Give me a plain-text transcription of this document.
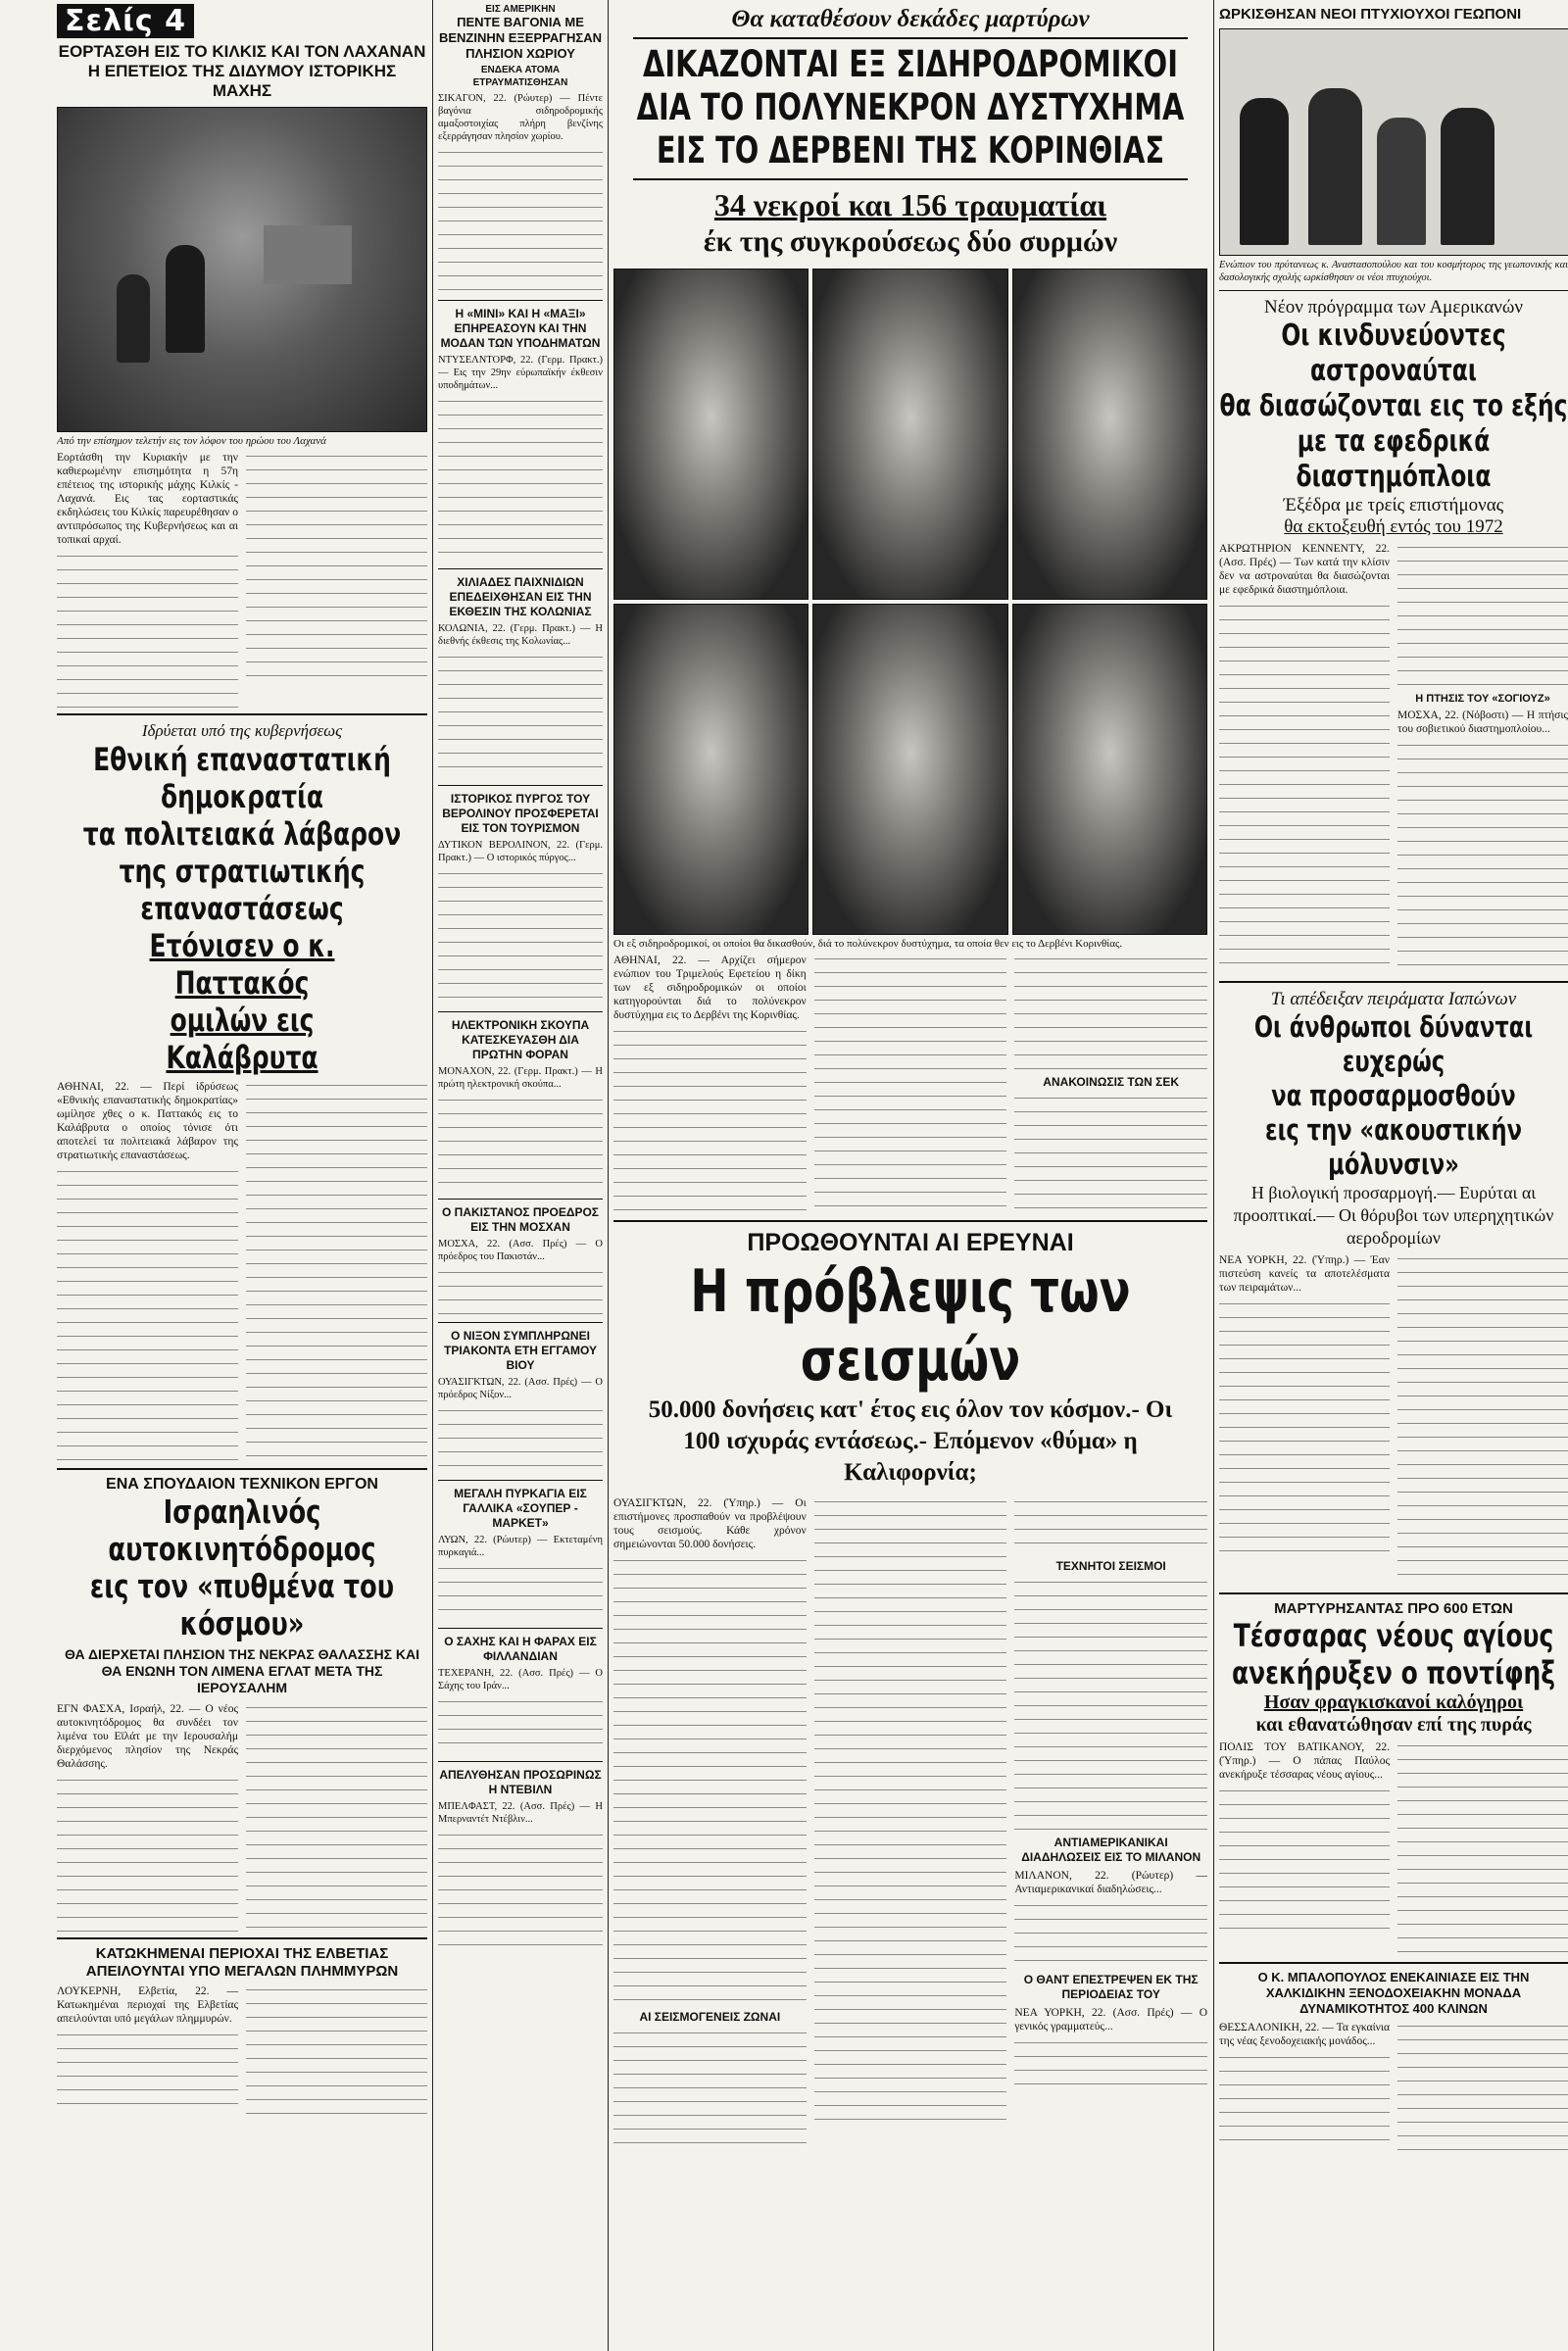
Σελίς 4

ΕΟΡΤΑΣΘΗ ΕΙΣ ΤΟ ΚΙΛΚΙΣ ΚΑΙ ΤΟΝ ΛΑΧΑΝΑΝ Η ΕΠΕΤΕΙΟΣ ΤΗΣ ΔΙΔΥΜΟΥ ΙΣΤΟΡΙΚΗΣ ΜΑΧΗΣ

Από την επίσημον τελετήν εις τον λόφον του ηρώου του Λαχανά

Εορτάσθη την Κυριακήν με την καθιερωμένην επισημότητα η 57η επέτειος της ιστορικής μάχης Κιλκίς - Λαχανά. Εις τας εορταστικάς εκδηλώσεις του Κιλκίς παρευρέθησαν ο αντιπρόσωπος της Κυβερνήσεως και αι τοπικαί αρχαί.

Ιδρύεται υπό της κυβερνήσεως

Εθνική επαναστατική δημοκρατία

τα πολιτειακά λάβαρον

της στρατιωτικής επαναστάσεως

Ετόνισεν ο κ. Παττακός

ομιλών εις Καλάβρυτα

ΑΘΗΝΑΙ, 22. — Περί ίδρύσεως «Εθνικής επαναστατικής δημοκρατίας» ωμίλησε χθες ο κ. Παττακός εις το Καλάβρυτα ο οποίος τόνισε ότι αποτελεί τα πολιτειακά λάβαρον της στρατιωτικής επαναστάσεως.

ΕΝΑ ΣΠΟΥΔΑΙΟΝ ΤΕΧΝΙΚΟΝ ΕΡΓΟΝ

Ισραηλινός αυτοκινητόδρομος

εις τον «πυθμένα του κόσμου»

ΘΑ ΔΙΕΡΧΕΤΑΙ ΠΛΗΣΙΟΝ ΤΗΣ ΝΕΚΡΑΣ ΘΑΛΑΣΣΗΣ ΚΑΙ ΘΑ ΕΝΩΝΗ ΤΟΝ ΛΙΜΕΝΑ ΕΓΛΑΤ ΜΕΤΑ ΤΗΣ ΙΕΡΟΥΣΑΛΗΜ

ΕΓΝ ΦΑΣΧΑ, Ισραήλ, 22. — Ο νέος αυτοκινητόδρομος θα συνδέει τον λιμένα του Εϊλάτ με την Ιερουσαλήμ διερχόμενος πλησίον της Νεκράς Θαλάσσης.

ΚΑΤΩΚΗΜΕΝΑΙ ΠΕΡΙΟΧΑΙ ΤΗΣ ΕΛΒΕΤΙΑΣ ΑΠΕΙΛΟΥΝΤΑΙ ΥΠΟ ΜΕΓΑΛΩΝ ΠΛΗΜΜΥΡΩΝ

ΛΟΥΚΕΡΝΗ, Ελβετία, 22. — Κατωκημέναι περιοχαί της Ελβετίας απειλούνται υπό μεγάλων πλημμυρών.

ΕΙΣ ΑΜΕΡΙΚΗΝ

ΠΕΝΤΕ ΒΑΓΟΝΙΑ ΜΕ ΒΕΝΖΙΝΗΝ ΕΞΕΡΡΑΓΗΣΑΝ ΠΛΗΣΙΟΝ ΧΩΡΙΟΥ

ΕΝΔΕΚΑ ΑΤΟΜΑ ΕΤΡΑΥΜΑΤΙΣΘΗΣΑΝ

ΣΙΚΑΓΟΝ, 22. (Ρώυτερ) — Πέντε βαγόνια σιδηροδρομικής αμαξοστοιχίας πλήρη βενζίνης εξερράγησαν πλησίον χωρίου.

Η «ΜΙΝΙ» ΚΑΙ Η «ΜΑΞΙ» ΕΠΗΡΕΑΣΟΥΝ ΚΑΙ ΤΗΝ ΜΟΔΑΝ ΤΩΝ ΥΠΟΔΗΜΑΤΩΝ

ΝΤΥΣΕΛΝΤΟΡΦ, 22. (Γερμ. Πρακτ.) — Εις την 29ην εύρωπαϊκήν έκθεσιν υποδημάτων...

ΧΙΛΙΑΔΕΣ ΠΑΙΧΝΙΔΙΩΝ ΕΠΕΔΕΙΧΘΗΣΑΝ ΕΙΣ ΤΗΝ ΕΚΘΕΣΙΝ ΤΗΣ ΚΟΛΩΝΙΑΣ

ΚΟΛΩΝΙΑ, 22. (Γερμ. Πρακτ.) — Η διεθνής έκθεσις της Κολωνίας...

ΙΣΤΟΡΙΚΟΣ ΠΥΡΓΟΣ ΤΟΥ ΒΕΡΟΛΙΝΟΥ ΠΡΟΣΦΕΡΕΤΑΙ ΕΙΣ ΤΟΝ ΤΟΥΡΙΣΜΟΝ

ΔΥΤΙΚΟΝ ΒΕΡΟΛΙΝΟΝ, 22. (Γερμ. Πρακτ.) — Ο ιστορικός πύργος...

ΗΛΕΚΤΡΟΝΙΚΗ ΣΚΟΥΠΑ ΚΑΤΕΣΚΕΥΑΣΘΗ ΔΙΑ ΠΡΩΤΗΝ ΦΟΡΑΝ

ΜΟΝΑΧΟΝ, 22. (Γερμ. Πρακτ.) — Η πρώτη ηλεκτρονική σκούπα...

Ο ΠΑΚΙΣΤΑΝΟΣ ΠΡΟΕΔΡΟΣ ΕΙΣ ΤΗΝ ΜΟΣΧΑΝ

ΜΟΣΧΑ, 22. (Ασσ. Πρές) — Ο πρόεδρος του Πακιστάν...

Ο ΝΙΞΟΝ ΣΥΜΠΛΗΡΩΝΕΙ ΤΡΙΑΚΟΝΤΑ ΕΤΗ ΕΓΓΑΜΟΥ ΒΙΟΥ

ΟΥΑΣΙΓΚΤΩΝ, 22. (Ασσ. Πρές) — Ο πρόεδρος Νίξον...

ΜΕΓΑΛΗ ΠΥΡΚΑΓΙΑ ΕΙΣ ΓΑΛΛΙΚΑ «ΣΟΥΠΕΡ - ΜΑΡΚΕΤ»

ΛΥΩΝ, 22. (Ρώυτερ) — Εκτεταμένη πυρκαγιά...

Ο ΣΑΧΗΣ ΚΑΙ Η ΦΑΡΑΧ ΕΙΣ ΦΙΛΛΑΝΔΙΑΝ

ΤΕΧΕΡΑΝΗ, 22. (Ασσ. Πρές) — Ο Σάχης του Ιράν...

ΑΠΕΛΥΘΗΣΑΝ ΠΡΟΣΩΡΙΝΩΣ Η ΝΤΕΒΙΛΝ

ΜΠΕΛΦΑΣΤ, 22. (Ασσ. Πρές) — Η Μπερναντέτ Ντέβλιν...

Θα καταθέσουν δεκάδες μαρτύρων

ΔΙΚΑΖΟΝΤΑΙ ΕΞ ΣΙΔΗΡΟΔΡΟΜΙΚΟΙ

ΔΙΑ ΤΟ ΠΟΛΥΝΕΚΡΟΝ ΔΥΣΤΥΧΗΜΑ

ΕΙΣ ΤΟ ΔΕΡΒΕΝΙ ΤΗΣ ΚΟΡΙΝΘΙΑΣ

34 νεκροί και 156 τραυματίαι

έκ της συγκρούσεως δύο συρμών

Οι εξ σιδηροδρομικοί, οι οποίοι θα δικασθούν, διά το πολύνεκρον δυστύχημα, τα οποία θεν εις το Δερβένι Κορινθίας.

ΑΘΗΝΑΙ, 22. — Αρχίζει σήμερον ενώπιον του Τριμελούς Εφετείου η δίκη των εξ σιδηροδρομικών οι οποίοι κατηγορούνται διά το πολύνεκρον δυστύχημα εις το Δερβένι της Κορινθίας.

ΑΝΑΚΟΙΝΩΣΙΣ ΤΩΝ ΣΕΚ

ΠΡΟΩΘΟΥΝΤΑΙ ΑΙ ΕΡΕΥΝΑΙ

Η πρόβλεψις των σεισμών

50.000 δονήσεις κατ' έτος εις όλον τον κόσμον.- Οι 100 ισχυράς εντάσεως.- Επόμενον «θύμα» η Καλιφορνία;

ΟΥΑΣΙΓΚΤΩΝ, 22. (Ύπηρ.) — Οι επιστήμονες προσπαθούν να προβλέψουν τους σεισμούς. Κάθε χρόνον σημειώνονται 50.000 δονήσεις.

ΑΙ ΣΕΙΣΜΟΓΕΝΕΙΣ ΖΩΝΑΙ

ΤΕΧΝΗΤΟΙ ΣΕΙΣΜΟΙ

ΑΝΤΙΑΜΕΡΙΚΑΝΙΚΑΙ ΔΙΑΔΗΛΩΣΕΙΣ ΕΙΣ ΤΟ ΜΙΛΑΝΟΝ

ΜΙΛΑΝΟΝ, 22. (Ρώυτερ) — Αντιαμερικανικαί διαδηλώσεις...

Ο ΘΑΝΤ ΕΠΕΣΤΡΕΨΕΝ ΕΚ ΤΗΣ ΠΕΡΙΟΔΕΙΑΣ ΤΟΥ

ΝΕΑ ΥΟΡΚΗ, 22. (Ασσ. Πρές) — Ο γενικός γραμματεύς...

ΩΡΚΙΣΘΗΣΑΝ ΝΕΟΙ ΠΤΥΧΙΟΥΧΟΙ ΓΕΩΠΟΝΙ

Ενώπιον του πρύτανεως κ. Αναστασοπούλου και του κοσμήτορος της γεωπονικής και δασολογικής σχολής ωρκίσθησαν οι νέοι πτυχιούχοι.

Νέον πρόγραμμα των Αμερικανών

Οι κινδυνεύοντες αστροναύται

θα διασώζονται εις το εξής

με τα εφεδρικά διαστημόπλοια

Έξέδρα με τρείς επιστήμονας

θα εκτοξευθή εντός του 1972

ΑΚΡΩΤΗΡΙΟΝ ΚΕΝΝΕΝΤΥ, 22. (Ασσ. Πρές) — Των κατά την κλίσιν δεν να αστροναύται θα διασώζονται με εφεδρικά διαστημόπλοια.

Η ΠΤΗΣΙΣ ΤΟΥ «ΣΟΓΙΟΥΖ»

ΜΟΣΧΑ, 22. (Νόβοστι) — Η πτήσις του σοβιετικού διαστημοπλοίου...

Τι απέδειξαν πειράματα Ιαπώνων

Οι άνθρωποι δύνανται ευχερώς

να προσαρμοσθούν

εις την «ακουστικήν μόλυνσιν»

Η βιολογική προσαρμογή.— Ευρύται αι προοπτικαί.— Οι θόρυβοι των υπερηχητικών αεροδρομίων

ΝΕΑ ΥΟΡΚΗ, 22. (Ύπηρ.) — Έαν πιστεύση κανείς τα αποτελέσματα των πειραμάτων...

ΜΑΡΤΥΡΗΣΑΝΤΑΣ ΠΡΟ 600 ΕΤΩΝ

Τέσσαρας νέους αγίους

ανεκήρυξεν ο ποντίφηξ

Ησαν φραγκισκανοί καλόγηροι

και εθανατώθησαν επί της πυράς

ΠΟΛΙΣ ΤΟΥ ΒΑΤΙΚΑΝΟΥ, 22. (Ύπηρ.) — Ο πάπας Παύλος ανεκήρυξε τέσσαρας νέους αγίους...

Ο Κ. ΜΠΑΛΟΠΟΥΛΟΣ ΕΝΕΚΑΙΝΙΑΣΕ ΕΙΣ ΤΗΝ ΧΑΛΚΙΔΙΚΗΝ ΞΕΝΟΔΟΧΕΙΑΚΗΝ ΜΟΝΑΔΑ ΔΥΝΑΜΙΚΟΤΗΤΟΣ 400 ΚΛΙΝΩΝ

ΘΕΣΣΑΛΟΝΙΚΗ, 22. — Τα εγκαίνια της νέας ξενοδοχειακής μονάδος...
